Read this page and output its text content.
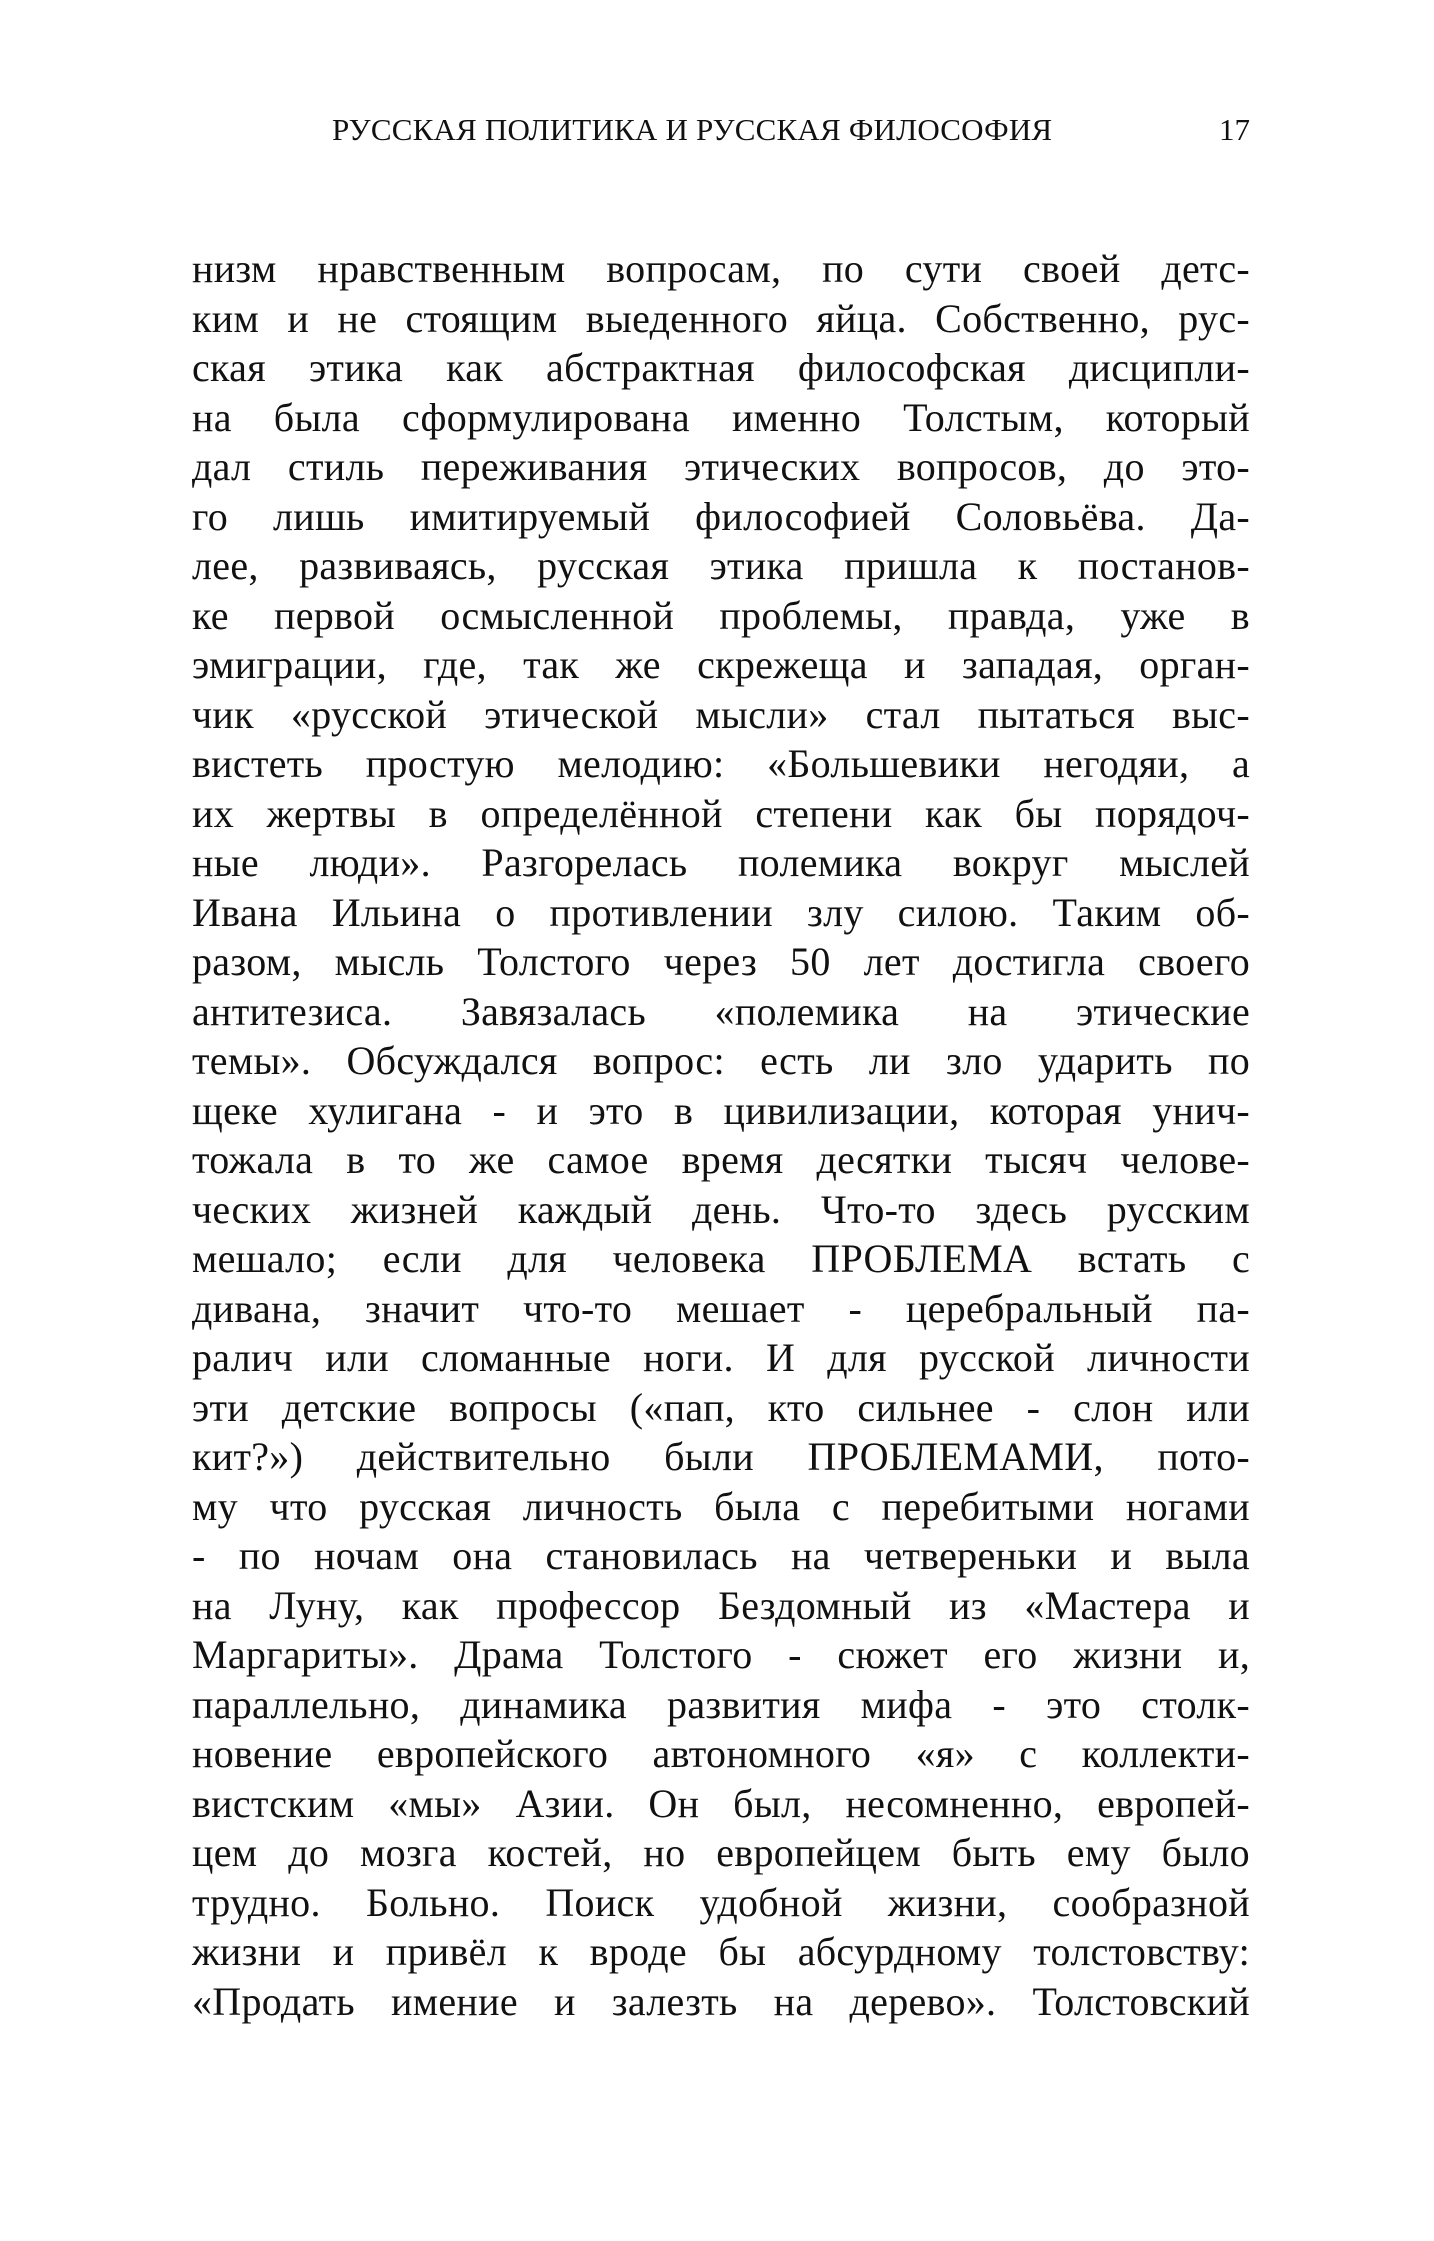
РУССКАЯ ПОЛИТИКА И РУССКАЯ ФИЛОСОФИЯ	17
низм нравственным вопросам, по сути своей детс-
ким и не стоящим выеденного яйца. Собственно, рус-
ская этика как абстрактная философская дисципли-
на была сформулирована именно Толстым, который
дал стиль переживания этических вопросов, до это-
го лишь имитируемый философией Соловьёва. Да-
лее, развиваясь, русская этика пришла к постанов-
ке первой осмысленной проблемы, правда, уже в
эмиграции, где, так же скрежеща и западая, орган-
чик «русской этической мысли» стал пытаться выс-
вистеть простую мелодию: «Большевики негодяи, а
их жертвы в определённой степени как бы порядоч-
ные люди». Разгорелась полемика вокруг мыслей
Ивана Ильина о противлении злу силою. Таким об-
разом, мысль Толстого через 50 лет достигла своего
антитезиса. Завязалась «полемика на этические
темы». Обсуждался вопрос: есть ли зло ударить по
щеке хулигана - и это в цивилизации, которая унич-
тожала в то же самое время десятки тысяч челове-
ческих жизней каждый день. Что-то здесь русским
мешало; если для человека ПРОБЛЕМА встать с
дивана, значит что-то мешает - церебральный па-
ралич или сломанные ноги. И для русской личности
эти детские вопросы («пап, кто сильнее - слон или
кит?») действительно были ПРОБЛЕМАМИ, пото-
му что русская личность была с перебитыми ногами
- по ночам она становилась на четвереньки и выла
на Луну, как профессор Бездомный из «Мастера и
Маргариты». Драма Толстого - сюжет его жизни и,
параллельно, динамика развития мифа - это столк-
новение европейского автономного «я» с коллекти-
вистским «мы» Азии. Он был, несомненно, европей-
цем до мозга костей, но европейцем быть ему было
трудно. Больно. Поиск удобной жизни, сообразной
жизни и привёл к вроде бы абсурдному толстовству:
«Продать имение и залезть на дерево». Толстовский
